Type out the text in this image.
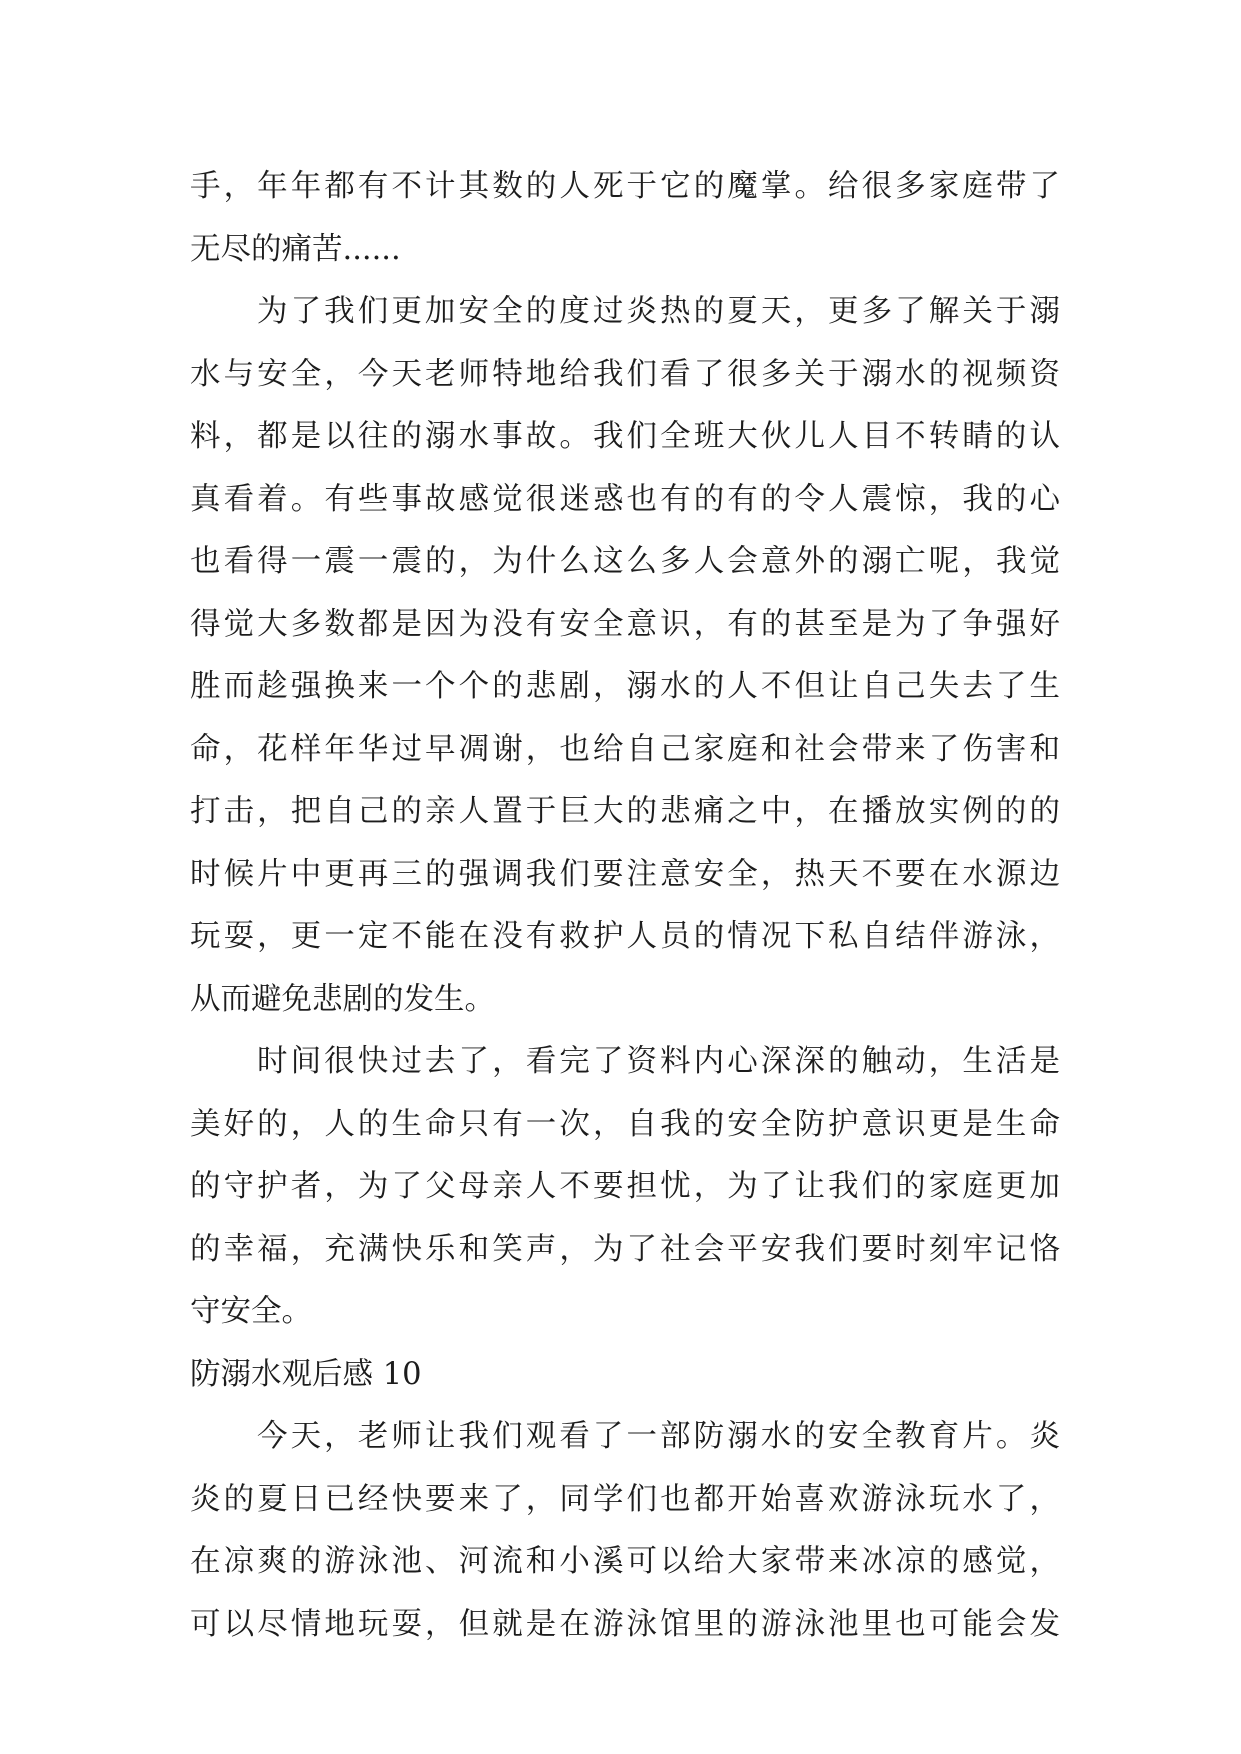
手，年年都有不计其数的人死于它的魔掌。给很多家庭带了
无尽的痛苦......
为了我们更加安全的度过炎热的夏天，更多了解关于溺
水与安全，今天老师特地给我们看了很多关于溺水的视频资
料，都是以往的溺水事故。我们全班大伙儿人目不转睛的认
真看着。有些事故感觉很迷惑也有的有的令人震惊，我的心
也看得一震一震的，为什么这么多人会意外的溺亡呢，我觉
得觉大多数都是因为没有安全意识，有的甚至是为了争强好
胜而趁强换来一个个的悲剧，溺水的人不但让自己失去了生
命，花样年华过早凋谢，也给自己家庭和社会带来了伤害和
打击，把自己的亲人置于巨大的悲痛之中，在播放实例的的
时候片中更再三的强调我们要注意安全，热天不要在水源边
玩耍，更一定不能在没有救护人员的情况下私自结伴游泳，
从而避免悲剧的发生。
时间很快过去了，看完了资料内心深深的触动，生活是
美好的，人的生命只有一次，自我的安全防护意识更是生命
的守护者，为了父母亲人不要担忧，为了让我们的家庭更加
的幸福，充满快乐和笑声，为了社会平安我们要时刻牢记恪
守安全。
防溺水观后感 10
今天，老师让我们观看了一部防溺水的安全教育片。炎
炎的夏日已经快要来了，同学们也都开始喜欢游泳玩水了，
在凉爽的游泳池、河流和小溪可以给大家带来冰凉的感觉，
可以尽情地玩耍，但就是在游泳馆里的游泳池里也可能会发
